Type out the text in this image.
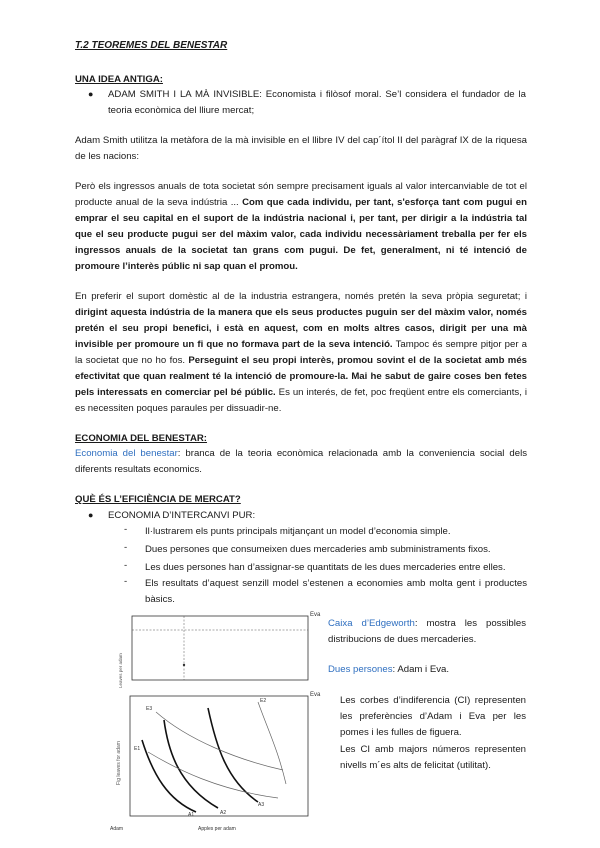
T.2 TEOREMES DEL BENESTAR
UNA IDEA ANTIGA:
● ADAM SMITH I LA MÀ INVISIBLE: Economista i filòsof moral. Se’l considera el fundador de la teoria econòmica del lliure mercat;
Adam Smith utilitza la metàfora de la mà invisible en el llibre IV del cap´ítol II del paràgraf IX de la riquesa de les nacions:
Però els ingressos anuals de tota societat són sempre precisament iguals al valor intercanviable de tot el producte anual de la seva indústria ... Com que cada individu, per tant, s'esforça tant com pugui en emprar el seu capital en el suport de la indústria nacional i, per tant, per dirigir a la indústria tal que el seu producte pugui ser del màxim valor, cada individu necessàriament treballa per fer els ingressos anuals de la societat tan grans com pugui. De fet, generalment, ni té intenció de promoure l’interès públic ni sap quan el promou.
En preferir el suport domèstic al de la industria estrangera, només pretén la seva pròpia seguretat; i dirigint aquesta indústria de la manera que els seus productes puguin ser del màxim valor, només pretén el seu propi benefici, i està en aquest, com en molts altres casos, dirigit per una mà invisible per promoure un fi que no formava part de la seva intenció. Tampoc és sempre pitjor per a la societat que no ho fos. Perseguint el seu propi interès, promou sovint el de la societat amb més efectivitat que quan realment té la intenció de promoure-la. Mai he sabut de gaire coses ben fetes pels interessats en comerciar pel bé públic. Es un interés, de fet, poc freqüent entre els comerciants, i es necessiten poques paraules per dissuadir-ne.
ECONOMIA DEL BENESTAR:
Economia del benestar: branca de la teoria econòmica relacionada amb la conveniencia social dels diferents resultats economics.
QUÈ ÉS L’EFICIÈNCIA DE MERCAT?
● ECONOMIA D’INTERCANVI PUR:
- Il·lustrarem els punts principals mitjançant un model d’economia simple.
- Dues persones que consumeixen dues mercaderies amb subministraments fixos.
- Les dues persones han d’assignar-se quantitats de les dues mercaderies entre elles.
- Els resultats d’aquest senzill model s’estenen a economies amb molta gent i productes bàsics.
Eva
Leaves per adam
E3
E2
E1
A3
A2
A1
Eva
Adam	Apples per adam
Fig leaves for adam
Caixa d’Edgeworth: mostra les possibles distribucions de dues mercaderies.
Dues persones: Adam i Eva.
Les corbes d’indiferencia (CI) representen les preferències d’Adam i Eva per les pomes i les fulles de figuera.
Les CI amb majors números representen nivells m´es alts de felicitat (utilitat).
